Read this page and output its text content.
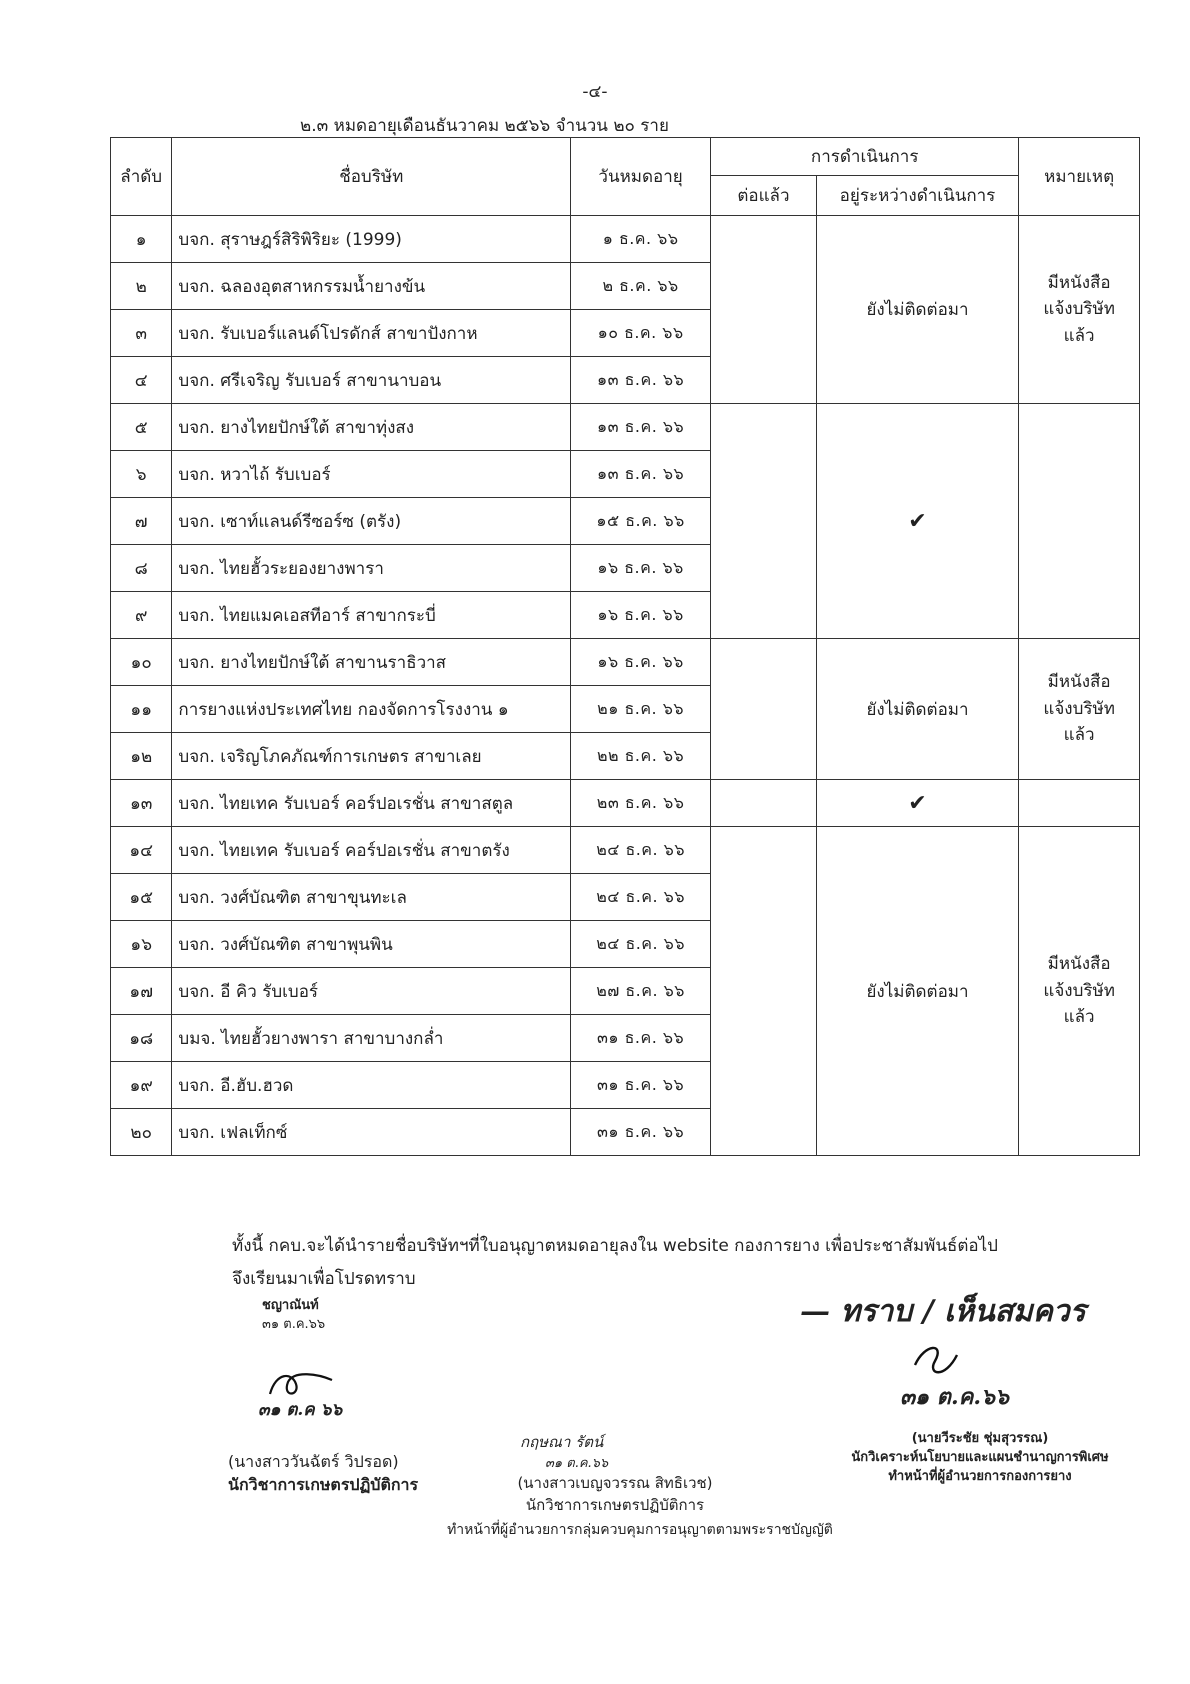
-๔-
๒.๓ หมดอายุเดือนธันวาคม ๒๕๖๖ จำนวน ๒๐ ราย
ลำดับ	ชื่อบริษัท	วันหมดอายุ	การดำเนินการ		หมายเหตุ
			ต่อแล้ว	อยู่ระหว่างดำเนินการ	
๑	บจก. สุราษฎร์สิริพิริยะ (1999)	๑ ธ.ค. ๖๖		ยังไม่ติดต่อมา	มีหนังสือ
แจ้งบริษัท
แล้ว

๒	บจก. ฉลองอุตสาหกรรมน้ำยางข้น	๒ ธ.ค. ๖๖			
๓	บจก. รับเบอร์แลนด์โปรดักส์ สาขาปังกาห	๑๐ ธ.ค. ๖๖			
๔	บจก. ศรีเจริญ รับเบอร์ สาขานาบอน	๑๓ ธ.ค. ๖๖			
๕	บจก. ยางไทยปักษ์ใต้ สาขาทุ่งสง	๑๓ ธ.ค. ๖๖		✔	
๖	บจก. หวาไถ้ รับเบอร์	๑๓ ธ.ค. ๖๖			
๗	บจก. เซาท์แลนด์รีซอร์ซ (ตรัง)	๑๕ ธ.ค. ๖๖			
๘	บจก. ไทยฮั้วระยองยางพารา	๑๖ ธ.ค. ๖๖			
๙	บจก. ไทยแมคเอสทีอาร์ สาขากระบี่	๑๖ ธ.ค. ๖๖			
๑๐	บจก. ยางไทยปักษ์ใต้ สาขานราธิวาส	๑๖ ธ.ค. ๖๖		ยังไม่ติดต่อมา	มีหนังสือ
แจ้งบริษัท
แล้ว

๑๑	การยางแห่งประเทศไทย กองจัดการโรงงาน ๑	๒๑ ธ.ค. ๖๖			
๑๒	บจก. เจริญโภคภัณฑ์การเกษตร สาขาเลย	๒๒ ธ.ค. ๖๖			
๑๓	บจก. ไทยเทค รับเบอร์ คอร์ปอเรชั่น สาขาสตูล	๒๓ ธ.ค. ๖๖		✔	
๑๔	บจก. ไทยเทค รับเบอร์ คอร์ปอเรชั่น สาขาตรัง	๒๔ ธ.ค. ๖๖		ยังไม่ติดต่อมา	มีหนังสือ
แจ้งบริษัท
แล้ว

๑๕	บจก. วงศ์บัณฑิต สาขาขุนทะเล	๒๔ ธ.ค. ๖๖			
๑๖	บจก. วงศ์บัณฑิต สาขาพุนพิน	๒๔ ธ.ค. ๖๖			
๑๗	บจก. อี คิว รับเบอร์	๒๗ ธ.ค. ๖๖			
๑๘	บมจ. ไทยฮั้วยางพารา สาขาบางกล่ำ	๓๑ ธ.ค. ๖๖			
๑๙	บจก. อี.ฮับ.ฮวด	๓๑ ธ.ค. ๖๖			
๒๐	บจก. เฟลเท็กซ์	๓๑ ธ.ค. ๖๖			
ทั้งนี้ กคบ.จะได้นำรายชื่อบริษัทฯที่ใบอนุญาตหมดอายุลงใน website กองการยาง เพื่อประชาสัมพันธ์ต่อไป
จึงเรียนมาเพื่อโปรดทราบ
ชญาณันท์
๓๑ ต.ค.๖๖
๓๑ ต.ค ๖๖
(นางสาววันฉัตร์ วิปรอด)
นักวิชาการเกษตรปฏิบัติการ
กฤษณา รัตน์
๓๑ ต.ค.๖๖
(นางสาวเบญจวรรณ สิทธิเวช)
นักวิชาการเกษตรปฏิบัติการ
ทำหน้าที่ผู้อำนวยการกลุ่มควบคุมการอนุญาตตามพระราชบัญญัติ
— ทราบ / เห็นสมควร
๓๑ ต.ค.๖๖
(นายวีระชัย ชุ่มสุวรรณ)
นักวิเคราะห์นโยบายและแผนชำนาญการพิเศษ
ทำหน้าที่ผู้อำนวยการกองการยาง
